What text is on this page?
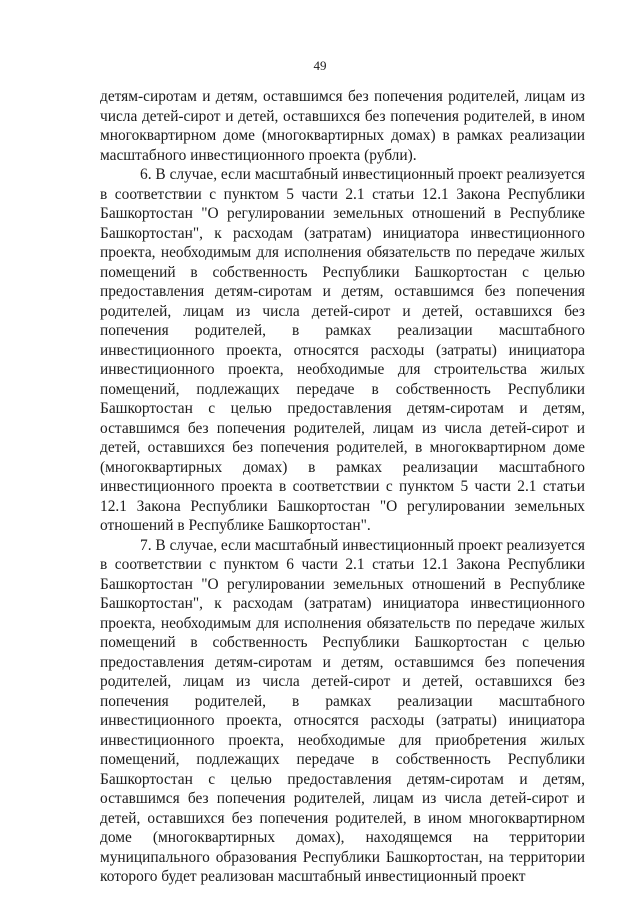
49

детям-сиротам и детям, оставшимся без попечения родителей, лицам из числа детей-сирот и детей, оставшихся без попечения родителей, в ином многоквартирном доме (многоквартирных домах) в рамках реализации масштабного инвестиционного проекта (рубли).

6. В случае, если масштабный инвестиционный проект реализуется в соответствии с пунктом 5 части 2.1 статьи 12.1 Закона Республики Башкортостан "О регулировании земельных отношений в Республике Башкортостан", к расходам (затратам) инициатора инвестиционного проекта, необходимым для исполнения обязательств по передаче жилых помещений в собственность Республики Башкортостан с целью предоставления детям-сиротам и детям, оставшимся без попечения родителей, лицам из числа детей-сирот и детей, оставшихся без попечения родителей, в рамках реализации масштабного инвестиционного проекта, относятся расходы (затраты) инициатора инвестиционного проекта, необходимые для строительства жилых помещений, подлежащих передаче в собственность Республики Башкортостан с целью предоставления детям-сиротам и детям, оставшимся без попечения родителей, лицам из числа детей-сирот и детей, оставшихся без попечения родителей, в многоквартирном доме (многоквартирных домах) в рамках реализации масштабного инвестиционного проекта в соответствии с пунктом 5 части 2.1 статьи 12.1 Закона Республики Башкортостан "О регулировании земельных отношений в Республике Башкортостан".

7. В случае, если масштабный инвестиционный проект реализуется в соответствии с пунктом 6 части 2.1 статьи 12.1 Закона Республики Башкортостан "О регулировании земельных отношений в Республике Башкортостан", к расходам (затратам) инициатора инвестиционного проекта, необходимым для исполнения обязательств по передаче жилых помещений в собственность Республики Башкортостан с целью предоставления детям-сиротам и детям, оставшимся без попечения родителей, лицам из числа детей-сирот и детей, оставшихся без попечения родителей, в рамках реализации масштабного инвестиционного проекта, относятся расходы (затраты) инициатора инвестиционного проекта, необходимые для приобретения жилых помещений, подлежащих передаче в собственность Республики Башкортостан с целью предоставления детям-сиротам и детям, оставшимся без попечения родителей, лицам из числа детей-сирот и детей, оставшихся без попечения родителей, в ином многоквартирном доме (многоквартирных домах), находящемся на территории муниципального образования Республики Башкортостан, на территории которого будет реализован масштабный инвестиционный проект
